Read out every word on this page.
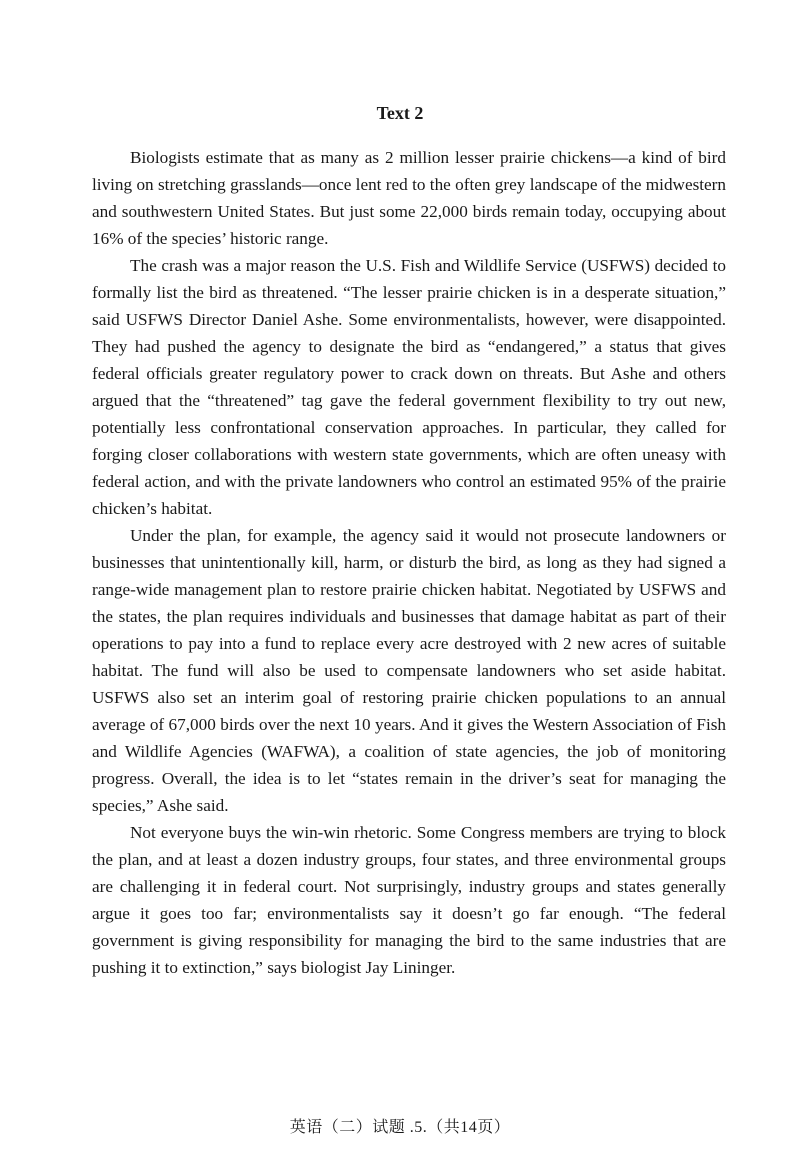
Text 2

Biologists estimate that as many as 2 million lesser prairie chickens—a kind of bird living on stretching grasslands—once lent red to the often grey landscape of the midwestern and southwestern United States. But just some 22,000 birds remain today, occupying about 16% of the species’ historic range.

The crash was a major reason the U.S. Fish and Wildlife Service (USFWS) decided to formally list the bird as threatened. “The lesser prairie chicken is in a desperate situation,” said USFWS Director Daniel Ashe. Some environmentalists, however, were disappointed. They had pushed the agency to designate the bird as “endangered,” a status that gives federal officials greater regulatory power to crack down on threats. But Ashe and others argued that the “threatened” tag gave the federal government flexibility to try out new, potentially less confrontational conservation approaches. In particular, they called for forging closer collaborations with western state governments, which are often uneasy with federal action, and with the private landowners who control an estimated 95% of the prairie chicken’s habitat.

Under the plan, for example, the agency said it would not prosecute landowners or businesses that unintentionally kill, harm, or disturb the bird, as long as they had signed a range-wide management plan to restore prairie chicken habitat. Negotiated by USFWS and the states, the plan requires individuals and businesses that damage habitat as part of their operations to pay into a fund to replace every acre destroyed with 2 new acres of suitable habitat. The fund will also be used to compensate landowners who set aside habitat. USFWS also set an interim goal of restoring prairie chicken populations to an annual average of 67,000 birds over the next 10 years. And it gives the Western Association of Fish and Wildlife Agencies (WAFWA), a coalition of state agencies, the job of monitoring progress. Overall, the idea is to let “states remain in the driver’s seat for managing the species,” Ashe said.

Not everyone buys the win-win rhetoric. Some Congress members are trying to block the plan, and at least a dozen industry groups, four states, and three environmental groups are challenging it in federal court. Not surprisingly, industry groups and states generally argue it goes too far; environmentalists say it doesn’t go far enough. “The federal government is giving responsibility for managing the bird to the same industries that are pushing it to extinction,” says biologist Jay Lininger.

英语（二）试题 .5.（共14页）
